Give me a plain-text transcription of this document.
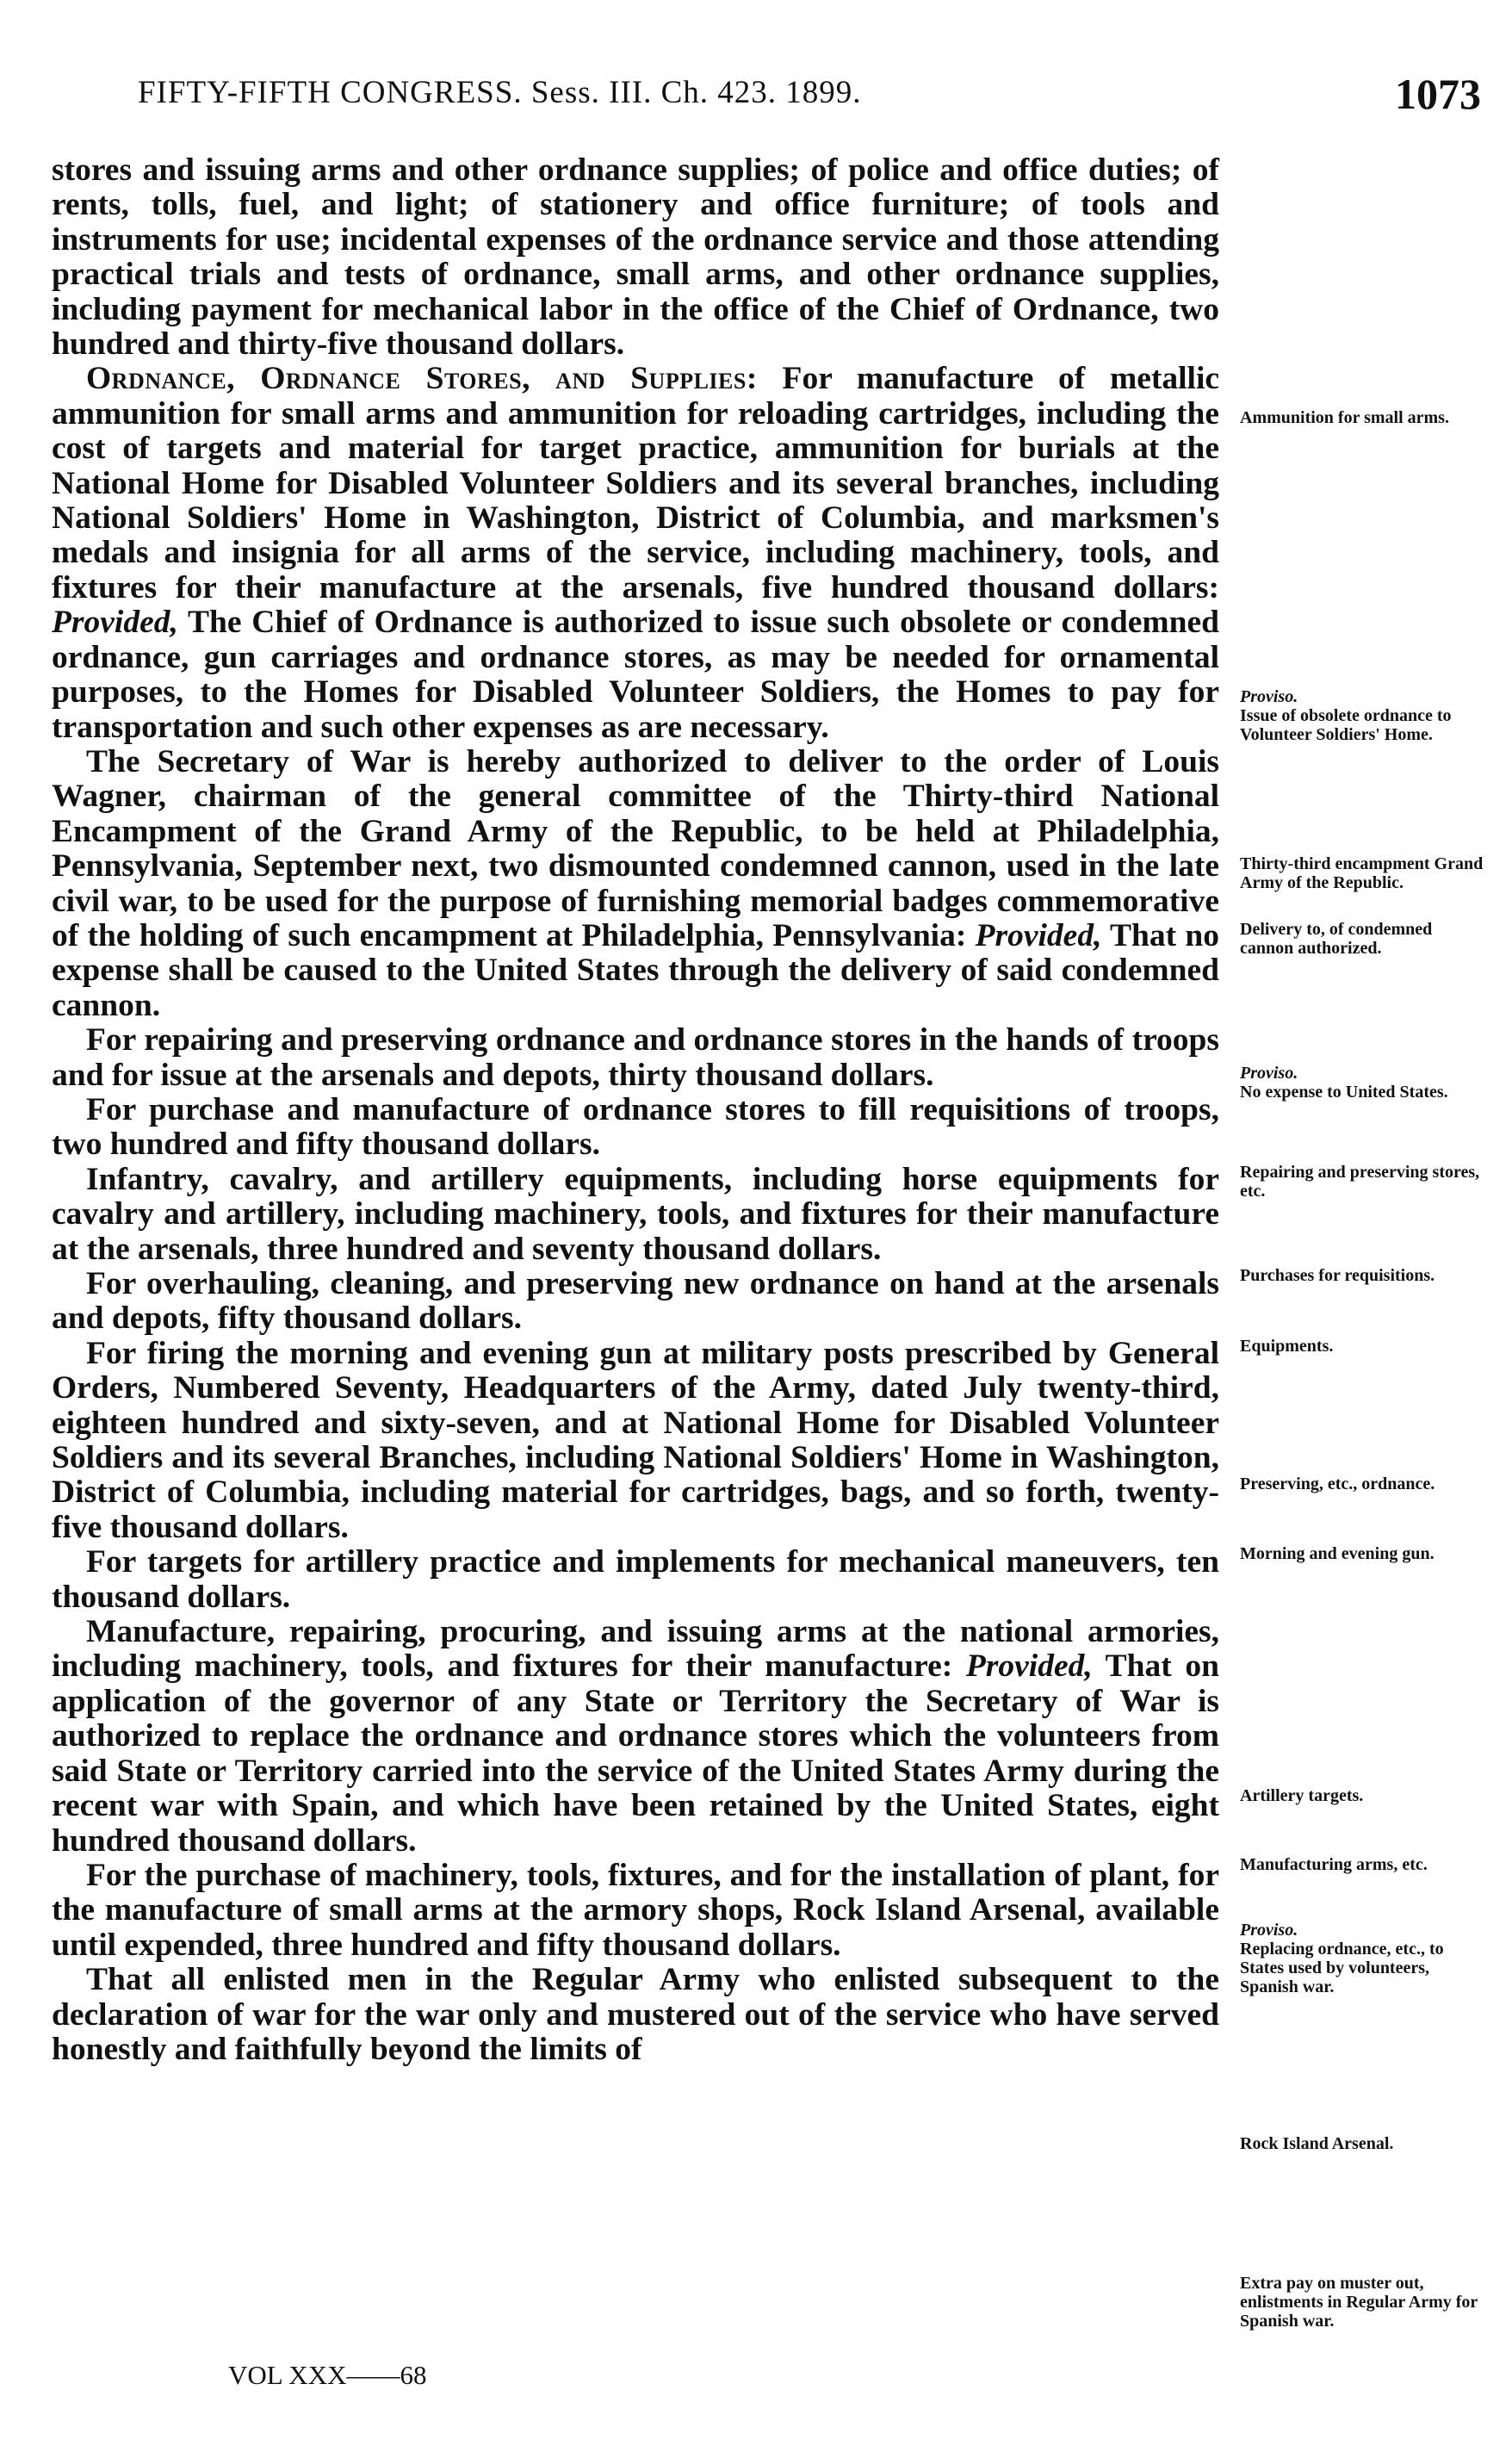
FIFTY-FIFTH CONGRESS. Sess. III. Ch. 423. 1899.	1073

stores and issuing arms and other ordnance supplies; of police and office duties; of rents, tolls, fuel, and light; of stationery and office furniture; of tools and instruments for use; incidental expenses of the ordnance service and those attending practical trials and tests of ordnance, small arms, and other ordnance supplies, including payment for mechanical labor in the office of the Chief of Ordnance, two hundred and thirty-five thousand dollars.

Ordnance, Ordnance Stores, and Supplies: For manufacture of metallic ammunition for small arms and ammunition for reloading cartridges, including the cost of targets and material for target practice, ammunition for burials at the National Home for Disabled Volunteer Soldiers and its several branches, including National Soldiers' Home in Washington, District of Columbia, and marksmen's medals and insignia for all arms of the service, including machinery, tools, and fixtures for their manufacture at the arsenals, five hundred thousand dollars: Provided, The Chief of Ordnance is authorized to issue such obsolete or condemned ordnance, gun carriages and ordnance stores, as may be needed for ornamental purposes, to the Homes for Disabled Volunteer Soldiers, the Homes to pay for transportation and such other expenses as are necessary.

The Secretary of War is hereby authorized to deliver to the order of Louis Wagner, chairman of the general committee of the Thirty-third National Encampment of the Grand Army of the Republic, to be held at Philadelphia, Pennsylvania, September next, two dismounted condemned cannon, used in the late civil war, to be used for the purpose of furnishing memorial badges commemorative of the holding of such encampment at Philadelphia, Pennsylvania: Provided, That no expense shall be caused to the United States through the delivery of said condemned cannon.

For repairing and preserving ordnance and ordnance stores in the hands of troops and for issue at the arsenals and depots, thirty thousand dollars.

For purchase and manufacture of ordnance stores to fill requisitions of troops, two hundred and fifty thousand dollars.

Infantry, cavalry, and artillery equipments, including horse equipments for cavalry and artillery, including machinery, tools, and fixtures for their manufacture at the arsenals, three hundred and seventy thousand dollars.

For overhauling, cleaning, and preserving new ordnance on hand at the arsenals and depots, fifty thousand dollars.

For firing the morning and evening gun at military posts prescribed by General Orders, Numbered Seventy, Headquarters of the Army, dated July twenty-third, eighteen hundred and sixty-seven, and at National Home for Disabled Volunteer Soldiers and its several Branches, including National Soldiers' Home in Washington, District of Columbia, including material for cartridges, bags, and so forth, twenty-five thousand dollars.

For targets for artillery practice and implements for mechanical maneuvers, ten thousand dollars.

Manufacture, repairing, procuring, and issuing arms at the national armories, including machinery, tools, and fixtures for their manufacture: Provided, That on application of the governor of any State or Territory the Secretary of War is authorized to replace the ordnance and ordnance stores which the volunteers from said State or Territory carried into the service of the United States Army during the recent war with Spain, and which have been retained by the United States, eight hundred thousand dollars.

For the purchase of machinery, tools, fixtures, and for the installation of plant, for the manufacture of small arms at the armory shops, Rock Island Arsenal, available until expended, three hundred and fifty thousand dollars.

That all enlisted men in the Regular Army who enlisted subsequent to the declaration of war for the war only and mustered out of the service who have served honestly and faithfully beyond the limits of

Ammunition for small arms.
Proviso.
Issue of obsolete ordnance to Volunteer Soldiers' Home.
Thirty-third encampment Grand Army of the Republic.
Delivery to, of condemned cannon authorized.
Proviso.
No expense to United States.
Repairing and preserving stores, etc.
Purchases for requisitions.
Equipments.
Preserving, etc., ordnance.
Morning and evening gun.
Artillery targets.
Manufacturing arms, etc.
Proviso.
Replacing ordnance, etc., to States used by volunteers, Spanish war.
Rock Island Arsenal.
Extra pay on muster out, enlistments in Regular Army for Spanish war.
VOL XXX——68
